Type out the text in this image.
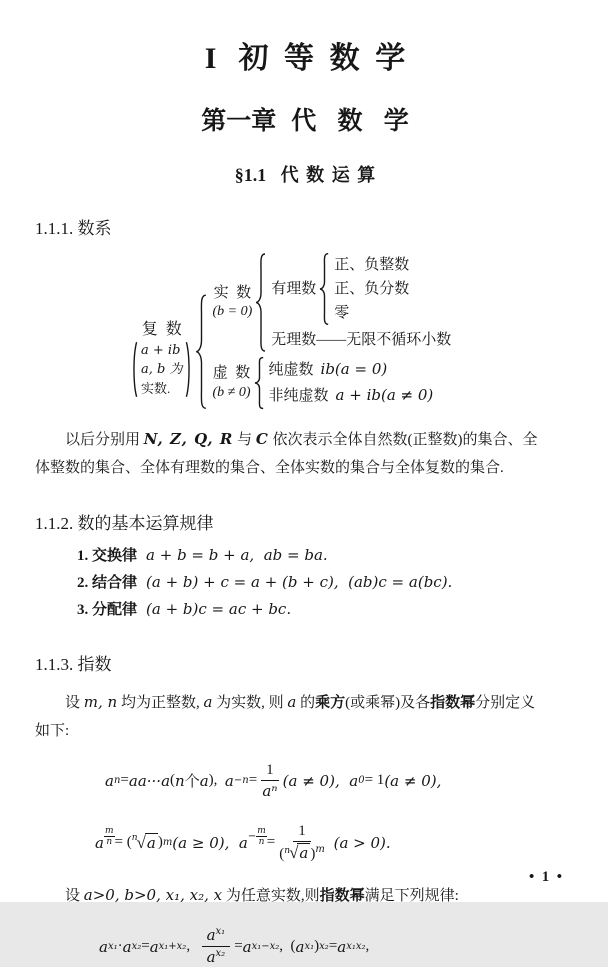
I 初等数学
第一章 代数学
§1.1 代数运算
1.1.1. 数系
复  数
a + ib
a, b 为
实数.
实  数
(b = 0)
有理数
正、负整数
正、负分数
零
无理数——无限不循环小数
虚  数
(b ≠ 0)
纯虚数 ib(a = 0)
非纯虚数 a + ib(a ≠ 0)
以后分别用 N, Z, Q, R 与 C 依次表示全体自然数(正整数)的集合、全
体整数的集合、全体有理数的集合、全体实数的集合与全体复数的集合.
1.1.2. 数的基本运算规律
1. 交换律 a + b = b + a,  ab = ba.
2. 结合律 (a + b) + c = a + (b + c),  (ab)c = a(bc).
3. 分配律 (a + b)c = ac + bc.
1.1.3. 指数
设 m, n 均为正整数, a 为实数, 则 a 的乘方(或乘幂)及各指数幂分别定义
如下:
a n = aa···a ( n 个 a ), $a -n = \frac{1}{\text{aⁿ}} (a \ne 0)$, a 0 = 1 (a ≠ 0),
a $^{\frac{m}{n}}$ = ( n √ a ) m (a ≥ 0), a $^{- \frac{m}{n}} = \frac{1}{(n√a )^m} (a > 0)$.
设 a>0, b>0, x₁, x₂, x 为任意实数,则指数幂满足下列规律:
a x₁ · a x₂ = a x₁+x₂ , $\frac{a^{x_1}}{a^{x_2}} = a$ x₁−x₂ ,  ( a x₁ ) x₂ = a x₁x₂ ,
•  1  •
